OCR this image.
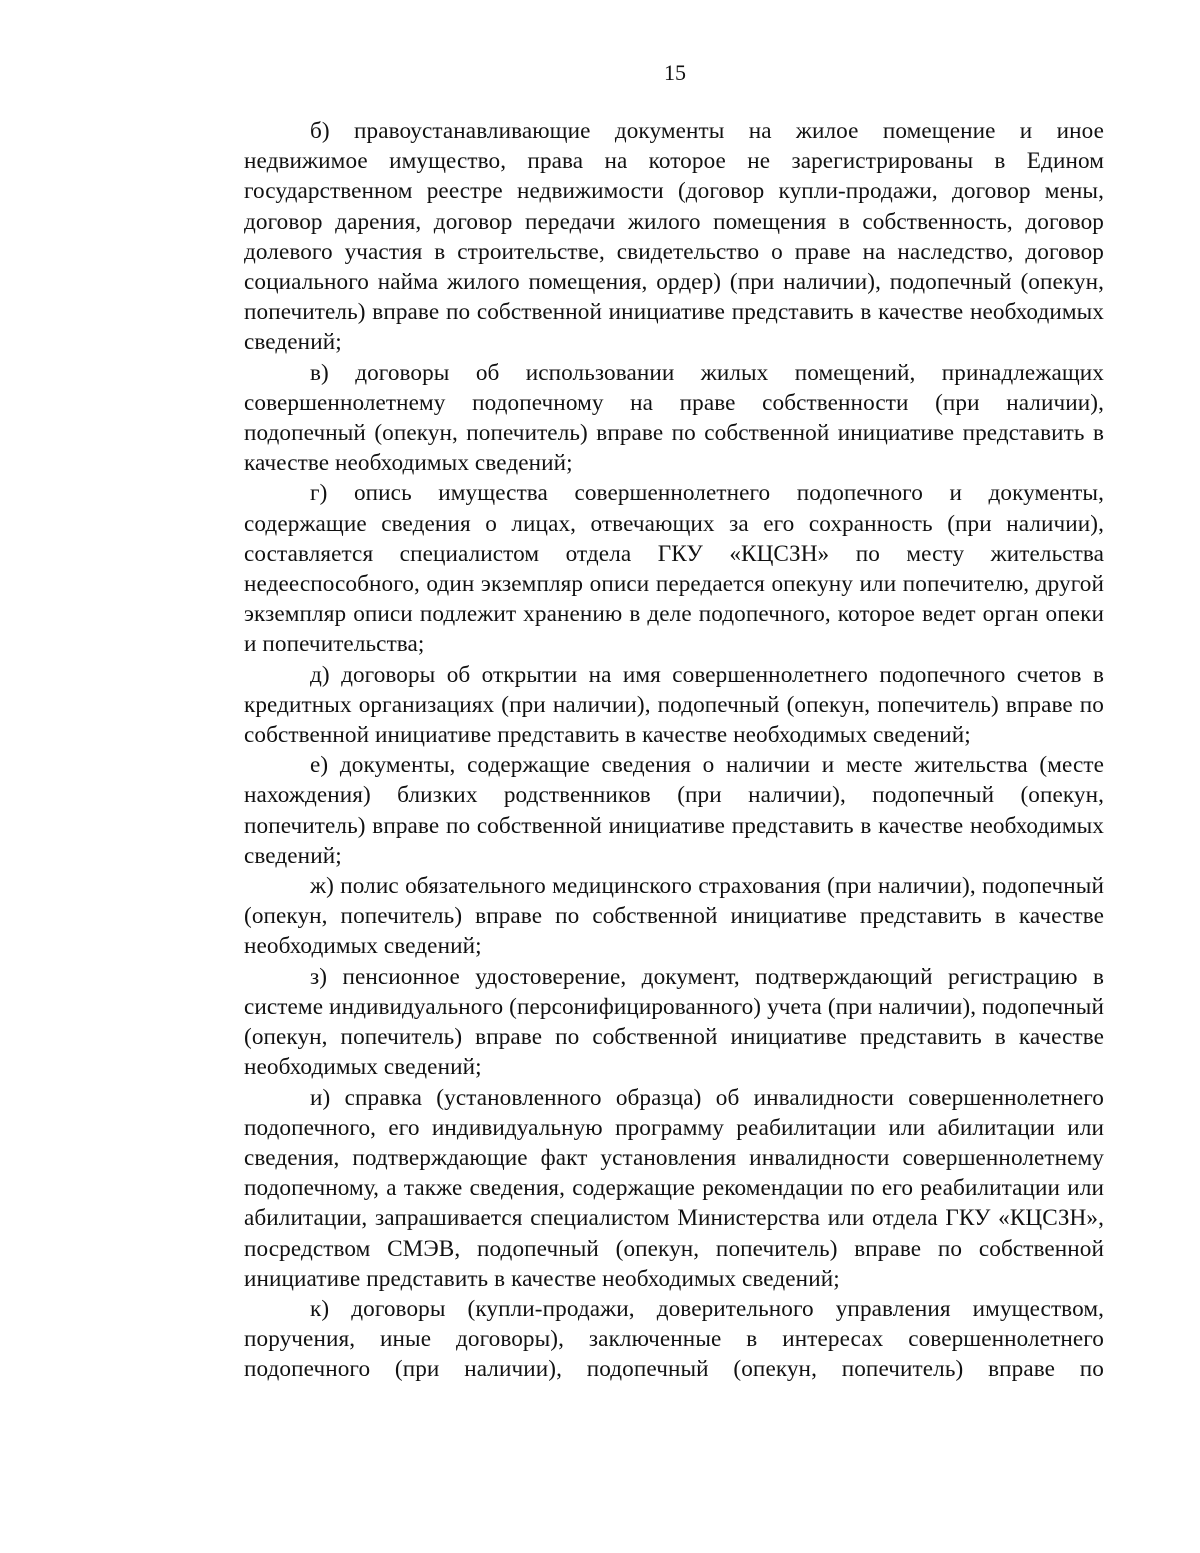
15

б) правоустанавливающие документы на жилое помещение и иное недвижимое имущество, права на которое не зарегистрированы в Едином государственном реестре недвижимости (договор купли-продажи, договор мены, договор дарения, договор передачи жилого помещения в собственность, договор долевого участия в строительстве, свидетельство о праве на наследство, договор социального найма жилого помещения, ордер) (при наличии), подопечный (опекун, попечитель) вправе по собственной инициативе представить в качестве необходимых сведений;

в) договоры об использовании жилых помещений, принадлежащих совершеннолетнему подопечному на праве собственности (при наличии), подопечный (опекун, попечитель) вправе по собственной инициативе представить в качестве необходимых сведений;

г) опись имущества совершеннолетнего подопечного и документы, содержащие сведения о лицах, отвечающих за его сохранность (при наличии), составляется специалистом отдела ГКУ «КЦСЗН» по месту жительства недееспособного, один экземпляр описи передается опекуну или попечителю, другой экземпляр описи подлежит хранению в деле подопечного, которое ведет орган опеки и попечительства;

д) договоры об открытии на имя совершеннолетнего подопечного счетов в кредитных организациях (при наличии), подопечный (опекун, попечитель) вправе по собственной инициативе представить в качестве необходимых сведений;

е) документы, содержащие сведения о наличии и месте жительства (месте нахождения) близких родственников (при наличии), подопечный (опекун, попечитель) вправе по собственной инициативе представить в качестве необходимых сведений;

ж) полис обязательного медицинского страхования (при наличии), подопечный (опекун, попечитель) вправе по собственной инициативе представить в качестве необходимых сведений;

з) пенсионное удостоверение, документ, подтверждающий регистрацию в системе индивидуального (персонифицированного) учета (при наличии), подопечный (опекун, попечитель) вправе по собственной инициативе представить в качестве необходимых сведений;

и) справка (установленного образца) об инвалидности совершеннолетнего подопечного, его индивидуальную программу реабилитации или абилитации или сведения, подтверждающие факт установления инвалидности совершеннолетнему подопечному, а также сведения, содержащие рекомендации по его реабилитации или абилитации, запрашивается специалистом Министерства или отдела ГКУ «КЦСЗН», посредством СМЭВ, подопечный (опекун, попечитель) вправе по собственной инициативе представить в качестве необходимых сведений;

к) договоры (купли-продажи, доверительного управления имуществом, поручения, иные договоры), заключенные в интересах совершеннолетнего подопечного (при наличии), подопечный (опекун, попечитель) вправе по
